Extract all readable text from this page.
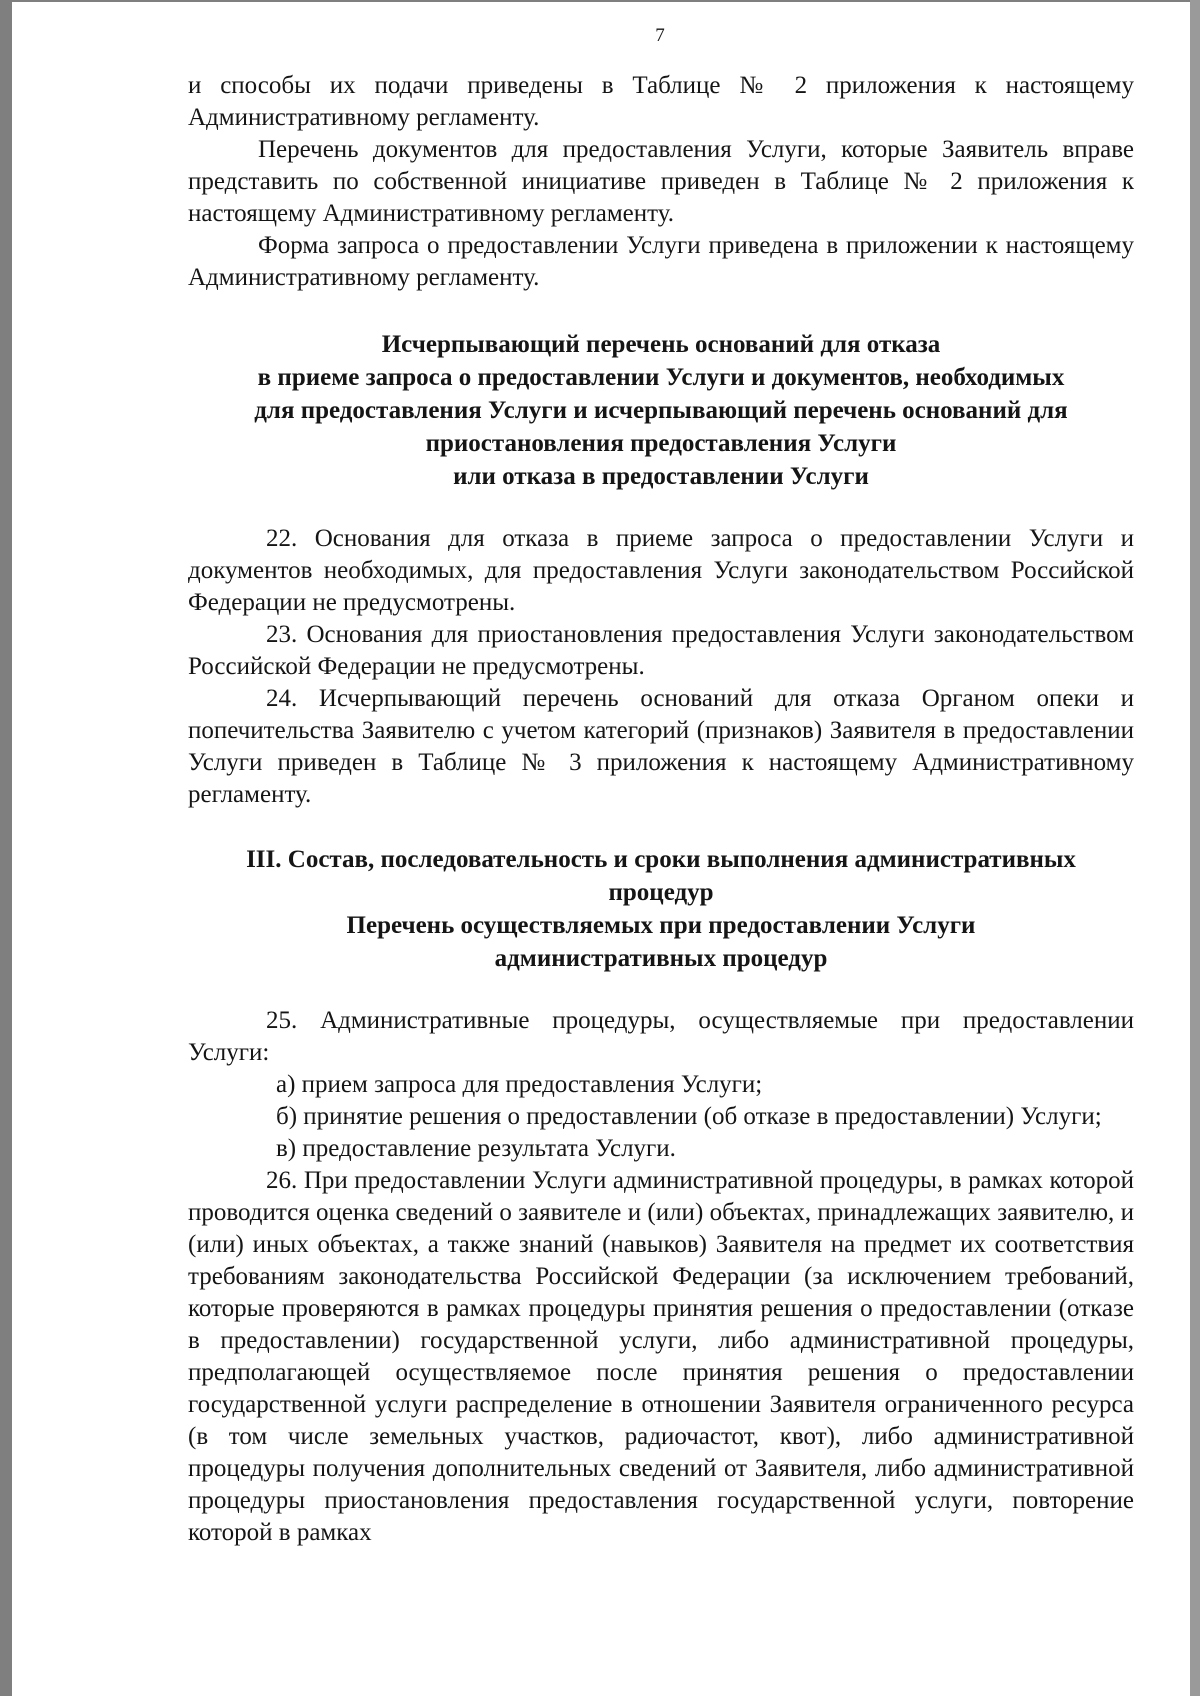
7

и способы их подачи приведены в Таблице № 2 приложения к настоящему Административному регламенту.

Перечень документов для предоставления Услуги, которые Заявитель вправе представить по собственной инициативе приведен в Таблице № 2 приложения к настоящему Административному регламенту.

Форма запроса о предоставлении Услуги приведена в приложении к настоящему Административному регламенту.

Исчерпывающий перечень оснований для отказа
в приеме запроса о предоставлении Услуги и документов, необходимых
для предоставления Услуги и исчерпывающий перечень оснований для
приостановления предоставления Услуги
или отказа в предоставлении Услуги

22. Основания для отказа в приеме запроса о предоставлении Услуги и документов необходимых, для предоставления Услуги законодательством Российской Федерации не предусмотрены.

23. Основания для приостановления предоставления Услуги законодательством Российской Федерации не предусмотрены.

24. Исчерпывающий перечень оснований для отказа Органом опеки и попечительства Заявителю с учетом категорий (признаков) Заявителя в предоставлении Услуги приведен в Таблице № 3 приложения к настоящему Административному регламенту.

III. Состав, последовательность и сроки выполнения административных
процедур
Перечень осуществляемых при предоставлении Услуги
административных процедур

25. Административные процедуры, осуществляемые при предоставлении Услуги:

а) прием запроса для предоставления Услуги;

б) принятие решения о предоставлении (об отказе в предоставлении) Услуги;

в) предоставление результата Услуги.

26. При предоставлении Услуги административной процедуры, в рамках которой проводится оценка сведений о заявителе и (или) объектах, принадлежащих заявителю, и (или) иных объектах, а также знаний (навыков) Заявителя на предмет их соответствия требованиям законодательства Российской Федерации (за исключением требований, которые проверяются в рамках процедуры принятия решения о предоставлении (отказе в предоставлении) государственной услуги, либо административной процедуры, предполагающей осуществляемое после принятия решения о предоставлении государственной услуги распределение в отношении Заявителя ограниченного ресурса (в том числе земельных участков, радиочастот, квот), либо административной процедуры получения дополнительных сведений от Заявителя, либо административной процедуры приостановления предоставления государственной услуги, повторение которой в рамках
